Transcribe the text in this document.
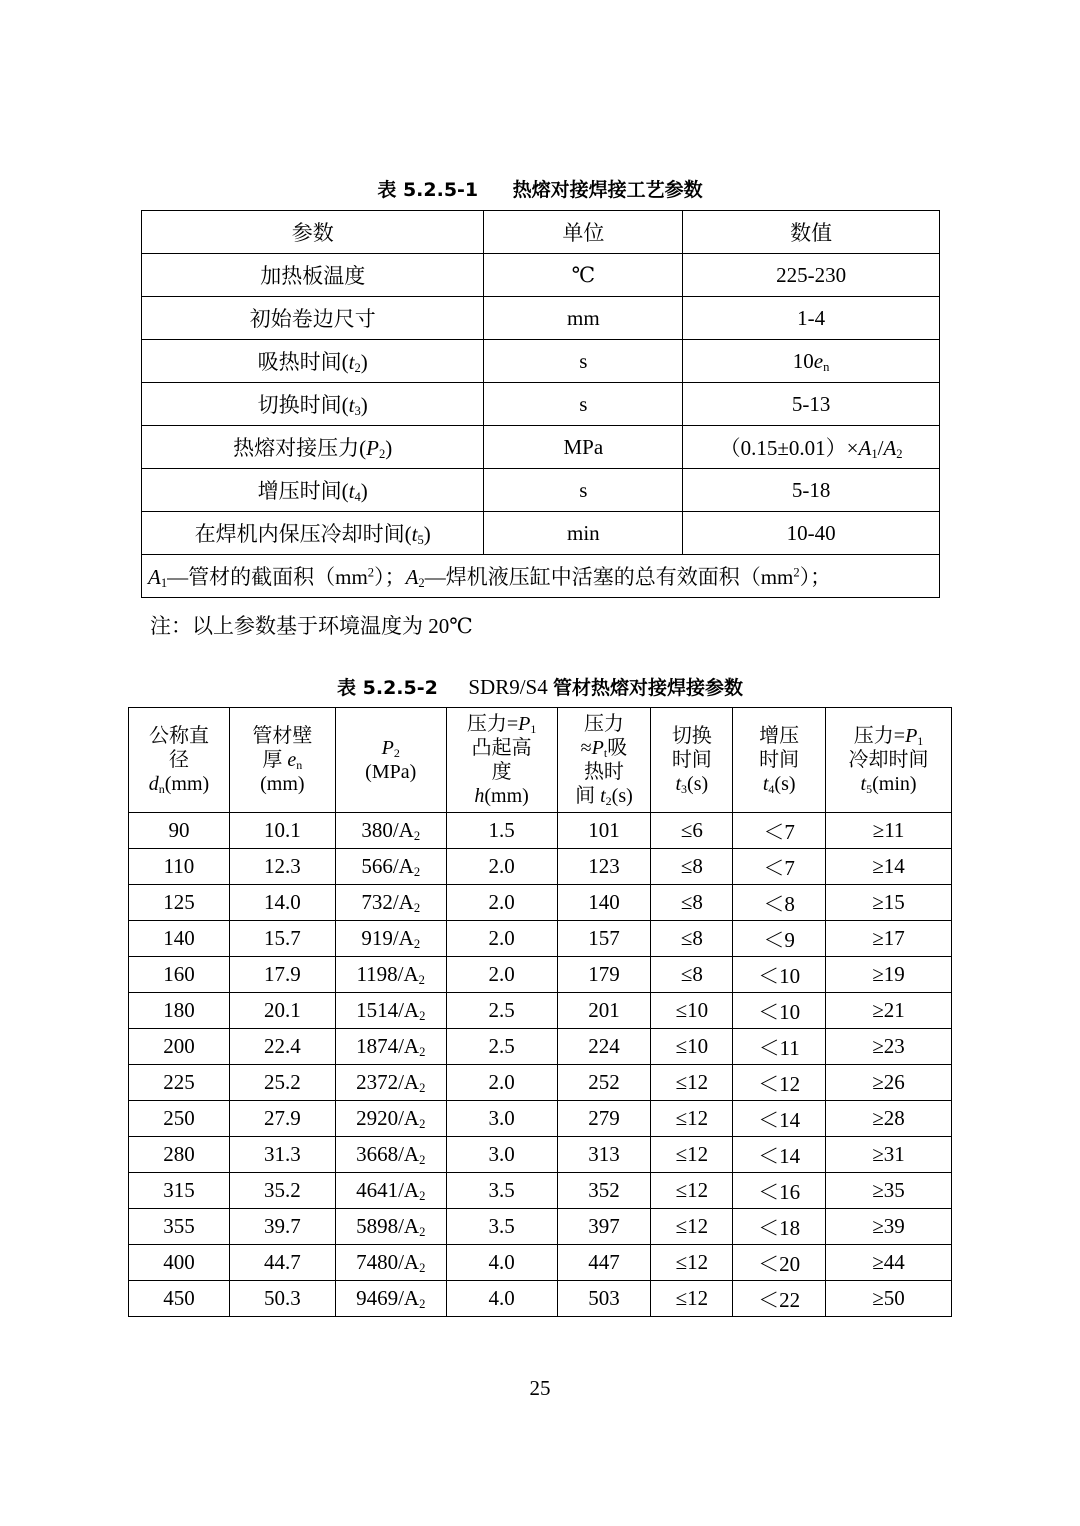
表 5.2.5-1 热熔对接焊接工艺参数
参数	单位	数值
加热板温度	℃	225-230
初始卷边尺寸	mm	1-4
吸热时间$(t_2)$	s	$10e_n$
切换时间$(t_3)$	s	5-13
热熔对接压力$(P_2)$	MPa	$(0.15\pm 0.01)\times A_1/A_2$
增压时间$(t_4)$	s	5-18
在焊机内保压冷却时间$(t_5)$	min	10-40
$A_1—$管材的截面积$(mm^2)$；$A_2—$焊机液压缸中活塞的总有效面积$(mm^2)$；		
注：以上参数基于环境温度为 20℃
表 5.2.5-2 SDR9/S4 管材热熔对接焊接参数
公称直
径
$d_n(mm)$	管材壁
厚 $e_n$
(mm)	$P_2$
(MPa)	压力$=P_1$
凸起高
度
h(mm)	压力
$\approx P_t$吸
热时
间 $t_2(s)$	切换
时间
$t_3(s)$	增压
时间
$t_4(s)$	压力$=P_1$
冷却时间
$t_5(\min)$
90	10.1	$380/A_2$	1.5	101	≤6	＜7	≥11
110	12.3	$566/A_2$	2.0	123	≤8	＜7	≥14
125	14.0	$732/A_2$	2.0	140	≤8	＜8	≥15
140	15.7	$919/A_2$	2.0	157	≤8	＜9	≥17
160	17.9	$1198/A_2$	2.0	179	≤8	＜10	≥19
180	20.1	$1514/A_2$	2.5	201	≤10	＜10	≥21
200	22.4	$1874/A_2$	2.5	224	≤10	＜11	≥23
225	25.2	$2372/A_2$	2.0	252	≤12	＜12	≥26
250	27.9	$2920/A_2$	3.0	279	≤12	＜14	≥28
280	31.3	$3668/A_2$	3.0	313	≤12	＜14	≥31
315	35.2	$4641/A_2$	3.5	352	≤12	＜16	≥35
355	39.7	$5898/A_2$	3.5	397	≤12	＜18	≥39
400	44.7	$7480/A_2$	4.0	447	≤12	＜20	≥44
450	50.3	$9469/A_2$	4.0	503	≤12	＜22	≥50
25
